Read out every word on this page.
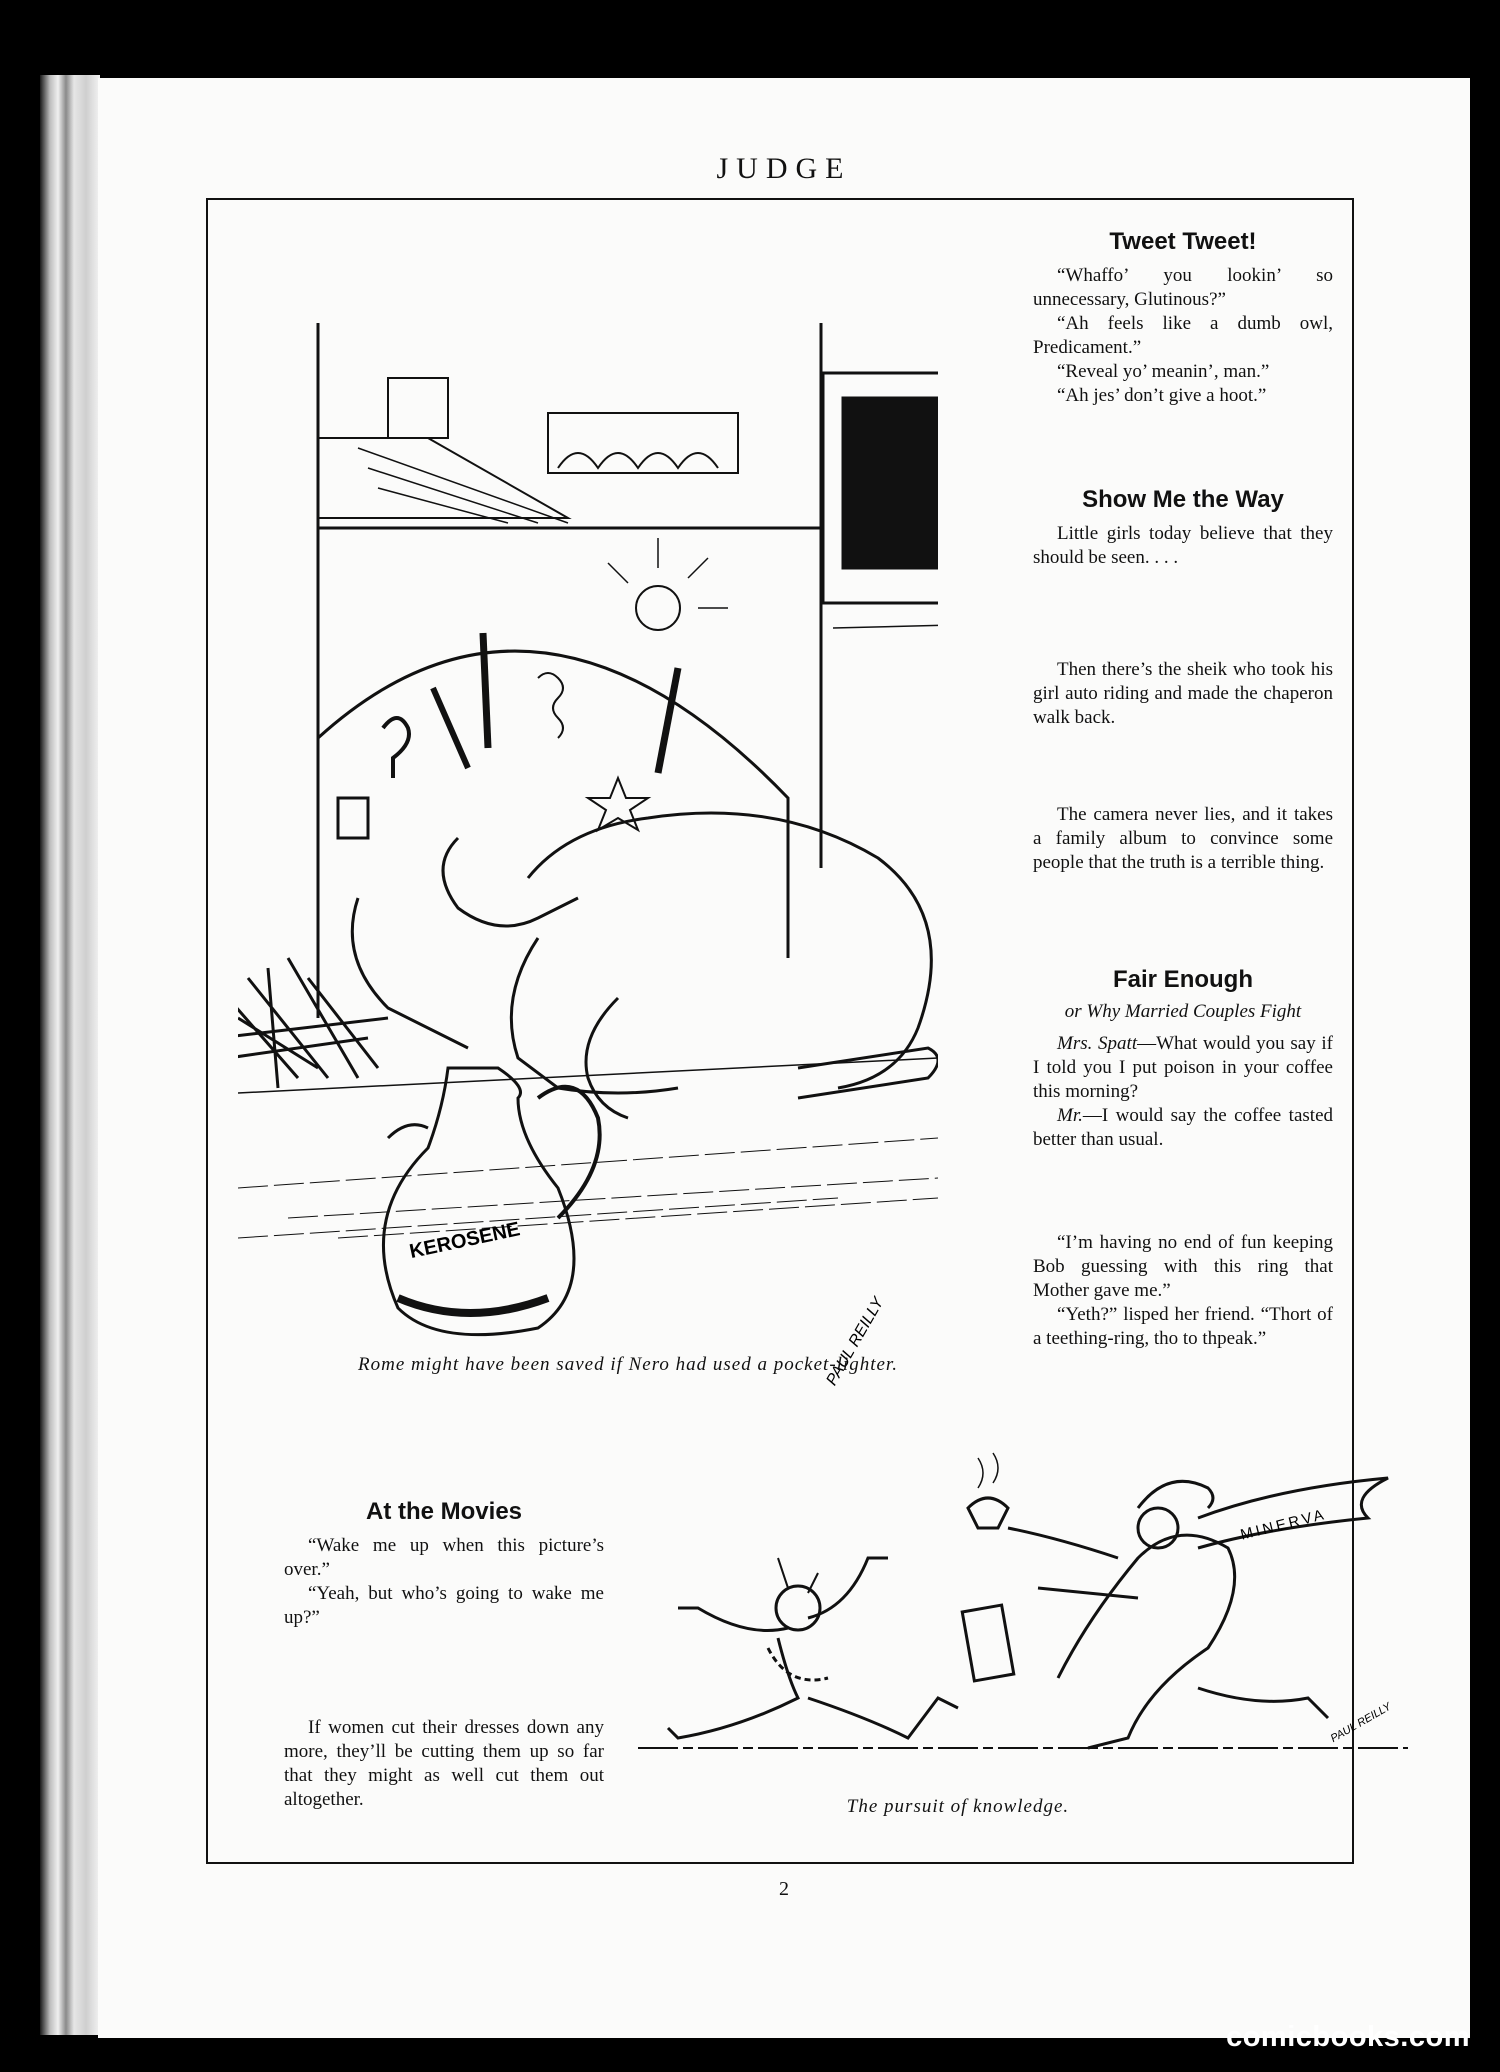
JUDGE
KEROSENE
PAUL REILLY
Rome might have been saved if Nero had used a pocket-lighter.
Tweet Tweet!

“Whaffo’ you lookin’ so unnecessary, Glutinous?”

“Ah feels like a dumb owl, Predicament.”

“Reveal yo’ meanin’, man.”

“Ah jes’ don’t give a hoot.”

Show Me the Way

Little girls today believe that they should be seen. . . .

Then there’s the sheik who took his girl auto riding and made the chaperon walk back.

The camera never lies, and it takes a family album to convince some people that the truth is a terrible thing.

Fair Enough
or Why Married Couples Fight

Mrs. Spatt—What would you say if I told you I put poison in your coffee this morning?

Mr.—I would say the coffee tasted better than usual.

“I’m having no end of fun keeping Bob guessing with this ring that Mother gave me.”

“Yeth?” lisped her friend. “Thort of a teething-ring, tho to thpeak.”

At the Movies

“Wake me up when this picture’s over.”

“Yeah, but who’s going to wake me up?”

If women cut their dresses down any more, they’ll be cutting them up so far that they might as well cut them out altogether.

MINERVA
PAUL REILLY
The pursuit of knowledge.
2
comicbooks.com
